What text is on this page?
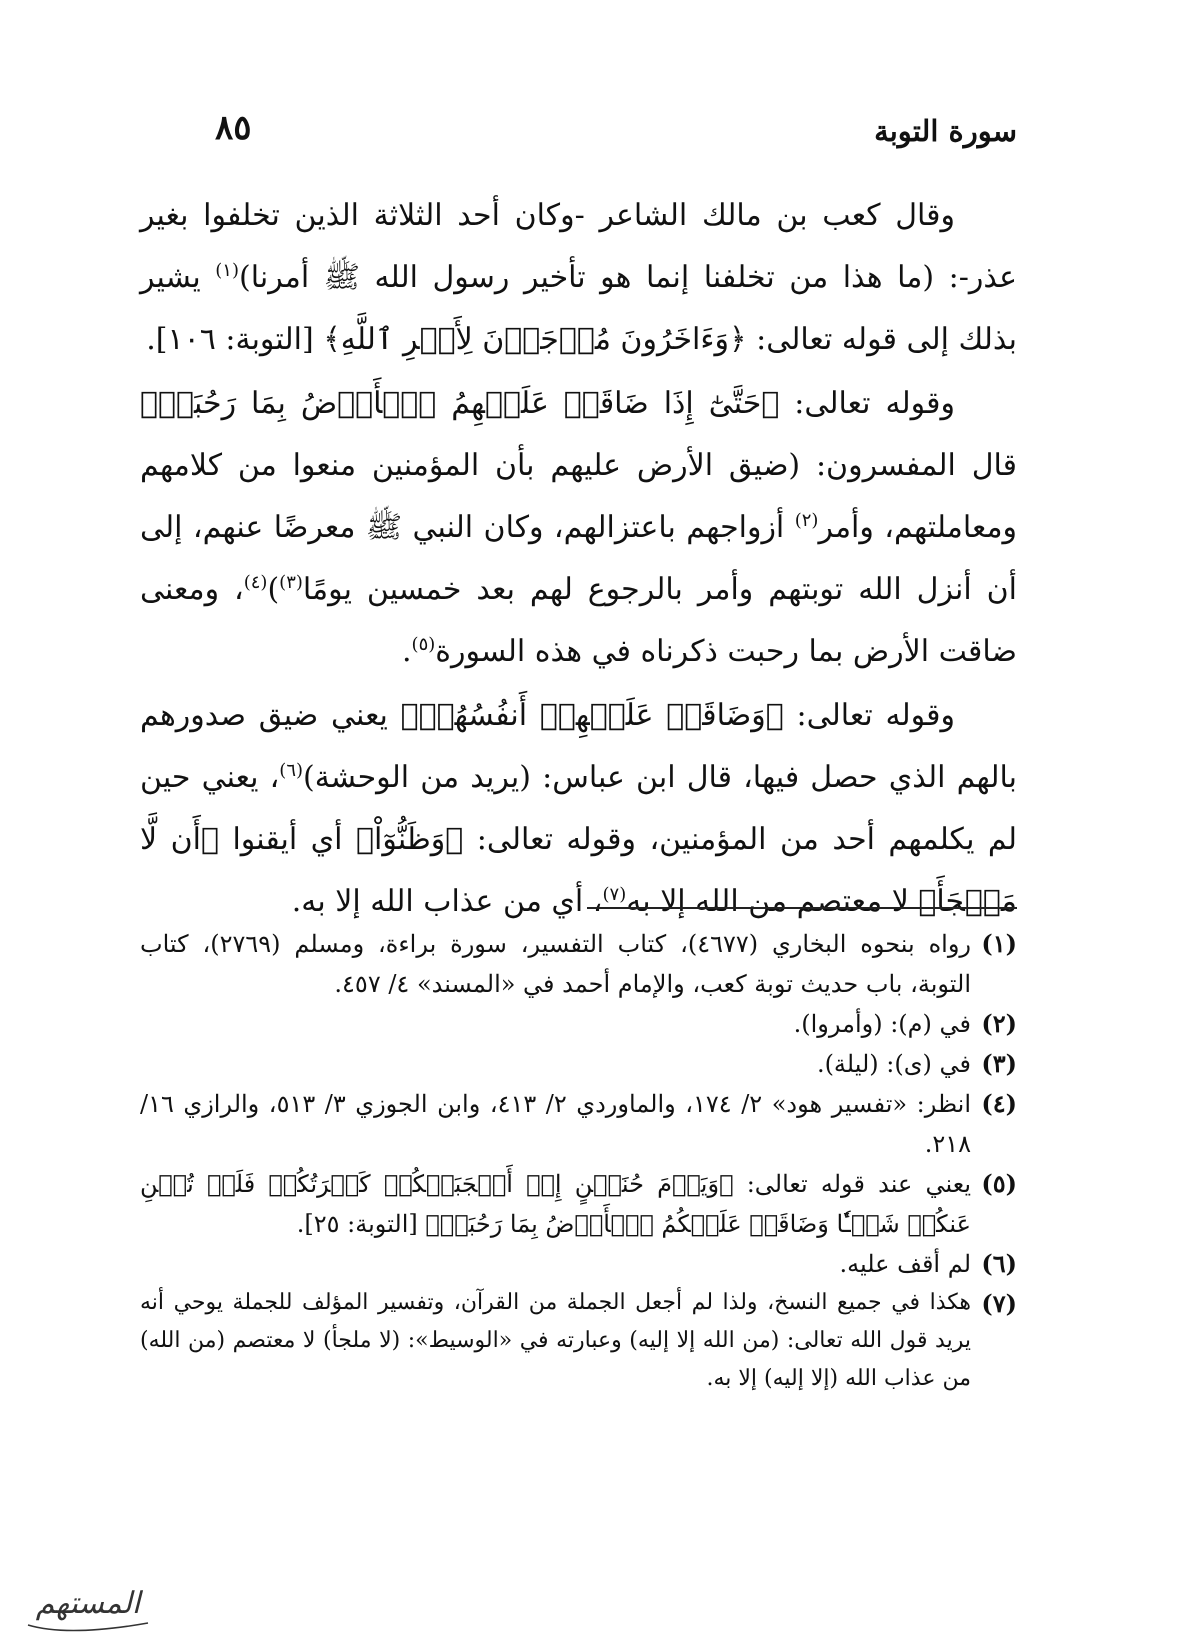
سورة التوبة
٨٥

وقال كعب بن مالك الشاعر -وكان أحد الثلاثة الذين تخلفوا بغير عذر-: (ما هذا من تخلفنا إنما هو تأخير رسول الله ﷺ أمرنا)$^{(١)}$ يشير بذلك إلى قوله تعالى: ﴿وَءَاخَرُونَ مُرۡجَوۡنَ لِأَمۡرِ ٱللَّهِ﴾ [التوبة: ١٠٦].

وقوله تعالى: ﴿حَتَّىٰٓ إِذَا ضَاقَتۡ عَلَيۡهِمُ ٱلۡأَرۡضُ بِمَا رَحُبَتۡ﴾ قال المفسرون: (ضيق الأرض عليهم بأن المؤمنين منعوا من كلامهم ومعاملتهم، وأمر$^{(٢)}$ أزواجهم باعتزالهم، وكان النبي ﷺ معرضًا عنهم، إلى أن أنزل الله توبتهم وأمر بالرجوع لهم بعد خمسين يومًا$^{(٣)}$)$^{(٤)}$، ومعنى ضاقت الأرض بما رحبت ذكرناه في هذه السورة$^{(٥)}$.

وقوله تعالى: ﴿وَضَاقَتۡ عَلَيۡهِمۡ أَنفُسُهُمۡ﴾ يعني ضيق صدورهم بالهم الذي حصل فيها، قال ابن عباس: (يريد من الوحشة)$^{(٦)}$، يعني حين لم يكلمهم أحد من المؤمنين، وقوله تعالى: ﴿وَظَنُّوٓاْ﴾ أي أيقنوا ﴿أَن لَّا مَلۡجَأَ﴾ لا معتصم من الله إلا به$^{(٧)}$، أي من عذاب الله إلا به.

(١)
رواه بنحوه البخاري (٤٦٧٧)، كتاب التفسير، سورة براءة، ومسلم (٢٧٦٩)، كتاب التوبة، باب حديث توبة كعب، والإمام أحمد في «المسند» ٤/ ٤٥٧.
(٢)
في (م): (وأمروا).
(٣)
في (ى): (ليلة).
(٤)
انظر: «تفسير هود» ٢/ ١٧٤، والماوردي ٢/ ٤١٣، وابن الجوزي ٣/ ٥١٣، والرازي ١٦/ ٢١٨.
(٥)
يعني عند قوله تعالى: ﴿وَيَوۡمَ حُنَيۡنٍ إِذۡ أَعۡجَبَتۡكُمۡ كَثۡرَتُكُمۡ فَلَمۡ تُغۡنِ عَنكُمۡ شَيۡـٔٗا وَضَاقَتۡ عَلَيۡكُمُ ٱلۡأَرۡضُ بِمَا رَحُبَتۡ﴾ [التوبة: ٢٥].
(٦)
لم أقف عليه.
(٧)
هكذا في جميع النسخ، ولذا لم أجعل الجملة من القرآن، وتفسير المؤلف للجملة يوحي أنه يريد قول الله تعالى: (من الله إلا إليه) وعبارته في «الوسيط»: (لا ملجأ) لا معتصم (من الله) من عذاب الله (إلا إليه) إلا به.
المستهم
